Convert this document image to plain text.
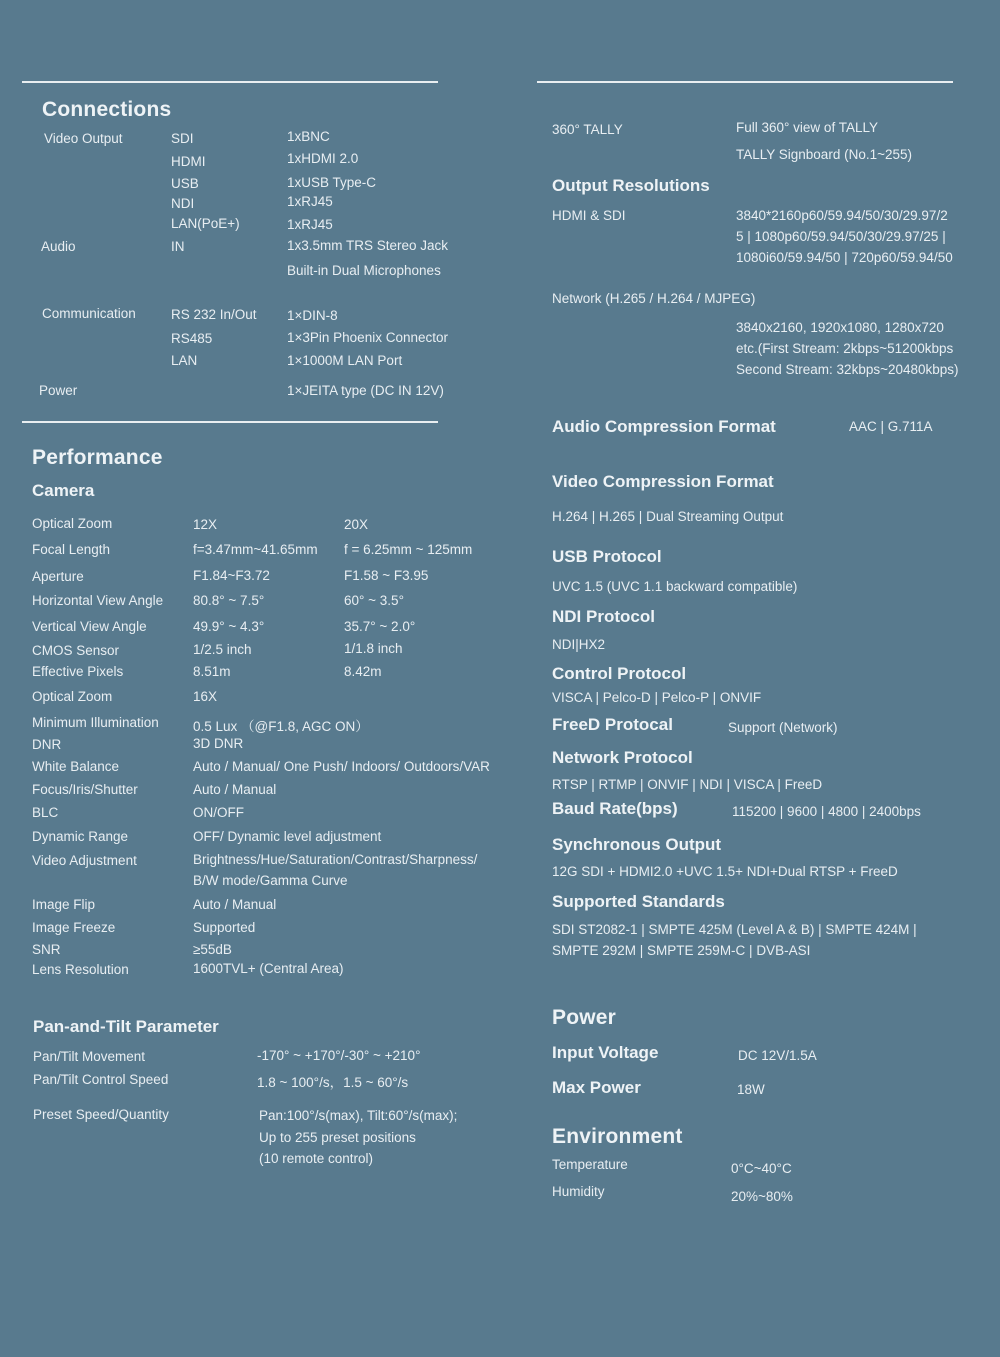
Connections
Video Output	SDI	1xBNC
HDMI	1xHDMI 2.0
USB	1xUSB Type-C
NDI	1xRJ45
LAN(PoE+)	1xRJ45
Audio	IN	1x3.5mm TRS Stereo Jack
Built-in Dual Microphones
Communication	RS 232 In/Out 1×DIN-8
RS485	1×3Pin Phoenix Connector
LAN	1×1000M LAN Port
Power	1×JEITA type (DC IN 12V)
Performance
Camera
Optical Zoom	12X	20X
Focal Length	f=3.47mm~41.65mm f = 6.25mm ~ 125mm
Aperture	F1.84~F3.72	F1.58 ~ F3.95
Horizontal View Angle 80.8° ~ 7.5°	60° ~ 3.5°
Vertical View Angle	49.9° ~ 4.3°	35.7° ~ 2.0°
CMOS Sensor	1/2.5 inch	1/1.8 inch
Effective Pixels	8.51m	8.42m
Optical Zoom	16X
Minimum Illumination	0.5 Lux （@F1.8, AGC ON）
DNR	3D DNR
White Balance	Auto / Manual/ One Push/ Indoors/ Outdoors/VAR
Focus/Iris/Shutter	Auto / Manual
BLC	ON/OFF
Dynamic Range	OFF/ Dynamic level adjustment
Video Adjustment	Brightness/Hue/Saturation/Contrast/Sharpness/
B/W mode/Gamma Curve
Image Flip	Auto / Manual
Image Freeze	Supported
SNR	≥55dB
Lens Resolution	1600TVL+ (Central Area)
Pan-and-Tilt Parameter
Pan/Tilt Movement	-170° ~ +170°/-30° ~ +210°
Pan/Tilt Control Speed	1.8 ~ 100°/s，1.5 ~ 60°/s
Preset Speed/Quantity	Pan:100°/s(max), Tilt:60°/s(max);
Up to 255 preset positions
(10 remote control)
360° TALLY	Full 360° view of TALLY
TALLY Signboard (No.1~255)
Output Resolutions
HDMI & SDI	3840*2160p60/59.94/50/30/29.97/2
5 | 1080p60/59.94/50/30/29.97/25 |
1080i60/59.94/50 | 720p60/59.94/50
Network (H.265 / H.264 / MJPEG)
3840x2160, 1920x1080, 1280x720
etc.(First Stream: 2kbps~51200kbps
Second Stream: 32kbps~20480kbps)
Audio Compression Format	AAC | G.711A
Video Compression Format
H.264 | H.265 | Dual Streaming Output
USB Protocol
UVC 1.5 (UVC 1.1 backward compatible)
NDI Protocol
NDI|HX2
Control Protocol
VISCA | Pelco-D | Pelco-P | ONVIF
FreeD Protocal	Support (Network)
Network Protocol
RTSP | RTMP | ONVIF | NDI | VISCA | FreeD
Baud Rate(bps)	115200 | 9600 | 4800 | 2400bps
Synchronous Output
12G SDI + HDMI2.0 +UVC 1.5+ NDI+Dual RTSP + FreeD
Supported Standards
SDI ST2082-1 | SMPTE 425M (Level A & B) | SMPTE 424M |
SMPTE 292M | SMPTE 259M-C | DVB-ASI
Power
Input Voltage	DC 12V/1.5A
Max Power	18W
Environment
Temperature	0°C~40°C
Humidity	20%~80%
